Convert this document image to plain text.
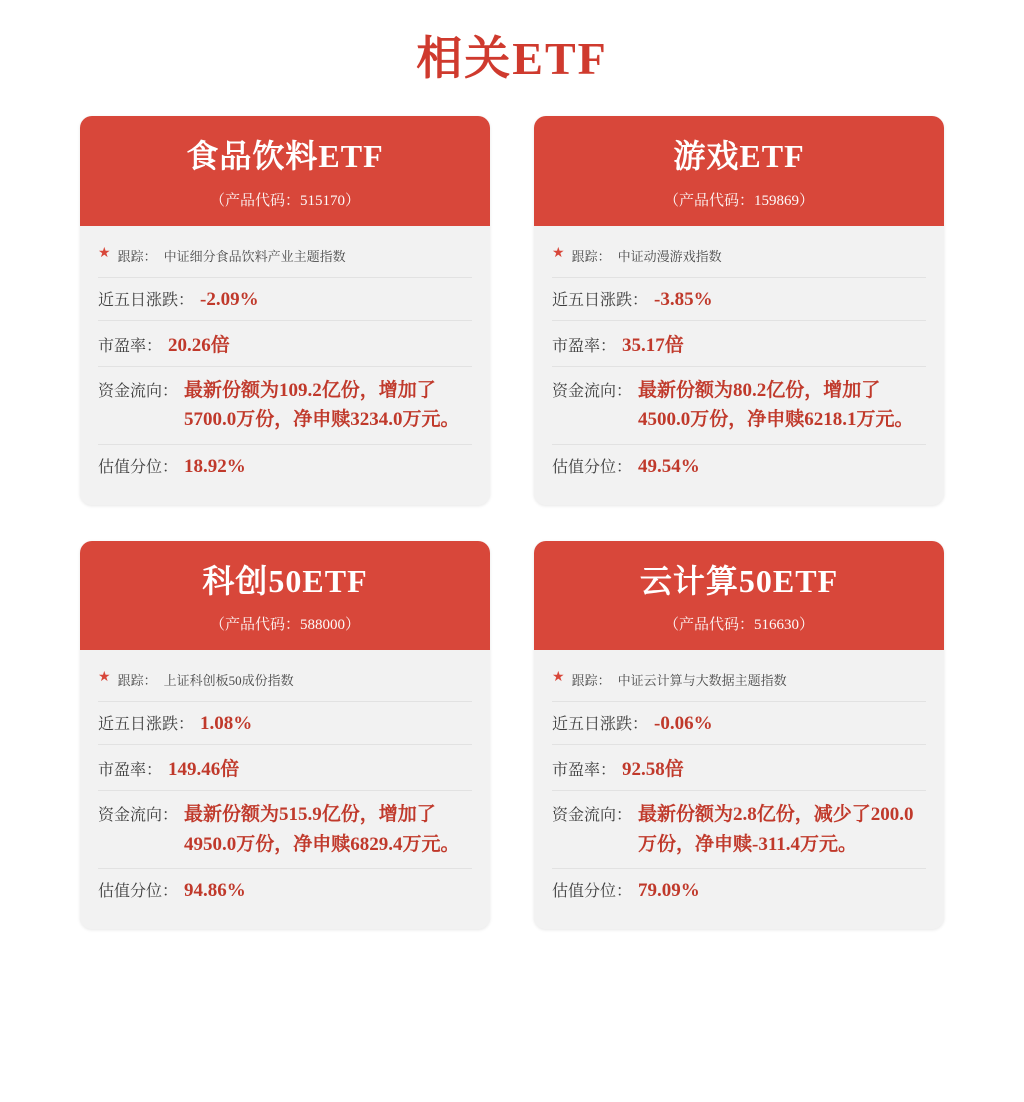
相关ETF
食品饮料ETF
（产品代码：515170）
★ 跟踪： 中证细分食品饮料产业主题指数
近五日涨跌： -2.09%
市盈率： 20.26倍
资金流向： 最新份额为109.2亿份，增加了5700.0万份，净申赎3234.0万元。
估值分位： 18.92%
游戏ETF
（产品代码：159869）
★ 跟踪： 中证动漫游戏指数
近五日涨跌： -3.85%
市盈率： 35.17倍
资金流向： 最新份额为80.2亿份，增加了4500.0万份，净申赎6218.1万元。
估值分位： 49.54%
科创50ETF
（产品代码：588000）
★ 跟踪： 上证科创板50成份指数
近五日涨跌： 1.08%
市盈率： 149.46倍
资金流向： 最新份额为515.9亿份，增加了4950.0万份，净申赎6829.4万元。
估值分位： 94.86%
云计算50ETF
（产品代码：516630）
★ 跟踪： 中证云计算与大数据主题指数
近五日涨跌： -0.06%
市盈率： 92.58倍
资金流向： 最新份额为2.8亿份，减少了200.0万份，净申赎-311.4万元。
估值分位： 79.09%
